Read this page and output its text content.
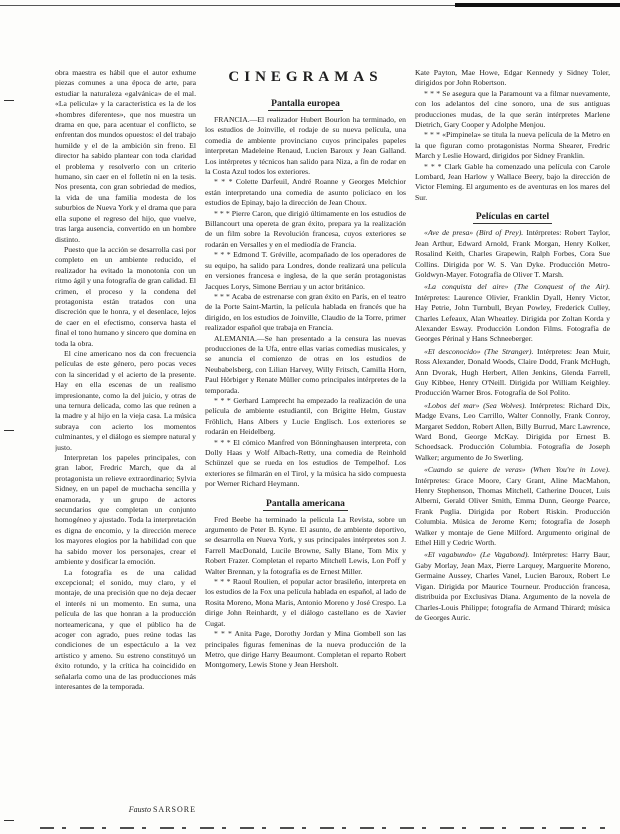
obra maestra es hábil que el autor exhume piezas comunes a una época de arte, para estudiar la naturaleza «galvánica» de el mal. «La película» y la característica es la de los «hombres diferentes», que nos muestra un drama en que, para acentuar el conflicto, se enfrentan dos mundos opuestos: el del trabajo humilde y el de la ambición sin freno. El director ha sabido plantear con toda claridad el problema y resolverlo con un criterio humano, sin caer en el folletín ni en la tesis. Nos presenta, con gran sobriedad de medios, la vida de una familia modesta de los suburbios de Nueva York y el drama que para ella supone el regreso del hijo, que vuelve, tras larga ausencia, convertido en un hombre distinto.

Puesto que la acción se desarrolla casi por completo en un ambiente reducido, el realizador ha evitado la monotonía con un ritmo ágil y una fotografía de gran calidad. El crimen, el proceso y la condena del protagonista están tratados con una discreción que le honra, y el desenlace, lejos de caer en el efectismo, conserva hasta el final el tono humano y sincero que domina en toda la obra.

El cine americano nos da con frecuencia películas de este género, pero pocas veces con la sinceridad y el acierto de la presente. Hay en ella escenas de un realismo impresionante, como la del juicio, y otras de una ternura delicada, como las que reúnen a la madre y al hijo en la vieja casa. La música subraya con acierto los momentos culminantes, y el diálogo es siempre natural y justo.

Interpretan los papeles principales, con gran labor, Fredric March, que da al protagonista un relieve extraordinario; Sylvia Sidney, en un papel de muchacha sencilla y enamorada, y un grupo de actores secundarios que completan un conjunto homogéneo y ajustado. Toda la interpretación es digna de encomio, y la dirección merece los mayores elogios por la habilidad con que ha sabido mover los personajes, crear el ambiente y dosificar la emoción.

La fotografía es de una calidad excepcional; el sonido, muy claro, y el montaje, de una precisión que no deja decaer el interés ni un momento. En suma, una película de las que honran a la producción norteamericana, y que el público ha de acoger con agrado, pues reúne todas las condiciones de un espectáculo a la vez artístico y ameno. Su estreno constituyó un éxito rotundo, y la crítica ha coincidido en señalarla como una de las producciones más interesantes de la temporada.

Fausto SARSORE
CINEGRAMAS
Pantalla europea

FRANCIA.—El realizador Hubert Bourlon ha terminado, en los estudios de Joinville, el rodaje de su nueva película, una comedia de ambiente provinciano cuyos principales papeles interpretan Madeleine Renaud, Lucien Baroux y Jean Galland. Los intérpretes y técnicos han salido para Niza, a fin de rodar en la Costa Azul todos los exteriores.

* * * Colette Darfeuil, André Roanne y Georges Melchior están interpretando una comedia de asunto policíaco en los estudios de Epinay, bajo la dirección de Jean Choux.

* * * Pierre Caron, que dirigió últimamente en los estudios de Billancourt una opereta de gran éxito, prepara ya la realización de un film sobre la Revolución francesa, cuyos exteriores se rodarán en Versalles y en el mediodía de Francia.

* * * Edmond T. Gréville, acompañado de los operadores de su equipo, ha salido para Londres, donde realizará una película en versiones francesa e inglesa, de la que serán protagonistas Jacques Lorys, Simone Berriau y un actor británico.

* * * Acaba de estrenarse con gran éxito en París, en el teatro de la Porte Saint-Martin, la película hablada en francés que ha dirigido, en los estudios de Joinville, Claudio de la Torre, primer realizador español que trabaja en Francia.

ALEMANIA.—Se han presentado a la censura las nuevas producciones de la Ufa, entre ellas varias comedias musicales, y se anuncia el comienzo de otras en los estudios de Neubabelsberg, con Lilian Harvey, Willy Fritsch, Camilla Horn, Paul Hörbiger y Renate Müller como principales intérpretes de la temporada.

* * * Gerhard Lamprecht ha empezado la realización de una película de ambiente estudiantil, con Brigitte Helm, Gustav Fröhlich, Hans Albers y Lucie Englisch. Los exteriores se rodarán en Heidelberg.

* * * El cómico Manfred von Bönninghausen interpreta, con Dolly Haas y Wolf Albach-Retty, una comedia de Reinhold Schünzel que se rueda en los estudios de Tempelhof. Los exteriores se filmarán en el Tirol, y la música ha sido compuesta por Werner Richard Heymann.

Pantalla americana

Fred Beebe ha terminado la película La Revista, sobre un argumento de Peter B. Kyne. El asunto, de ambiente deportivo, se desarrolla en Nueva York, y sus principales intérpretes son J. Farrell MacDonald, Lucile Browne, Sally Blane, Tom Mix y Robert Frazer. Completan el reparto Mitchell Lewis, Lon Poff y Walter Brennan, y la fotografía es de Ernest Miller.

* * * Raoul Roulien, el popular actor brasileño, interpreta en los estudios de la Fox una película hablada en español, al lado de Rosita Moreno, Mona Maris, Antonio Moreno y José Crespo. La dirige John Reinhardt, y el diálogo castellano es de Xavier Cugat.

* * * Anita Page, Dorothy Jordan y Mina Gombell son las principales figuras femeninas de la nueva producción de la Metro, que dirige Harry Beaumont. Completan el reparto Robert Montgomery, Lewis Stone y Jean Hersholt.

Kate Payton, Mae Howe, Edgar Kennedy y Sidney Toler, dirigidos por John Robertson.

* * * Se asegura que la Paramount va a filmar nuevamente, con los adelantos del cine sonoro, una de sus antiguas producciones mudas, de la que serán intérpretes Marlene Dietrich, Gary Cooper y Adolphe Menjou.

* * * «Pimpinela» se titula la nueva película de la Metro en la que figuran como protagonistas Norma Shearer, Fredric March y Leslie Howard, dirigidos por Sidney Franklin.

* * * Clark Gable ha comenzado una película con Carole Lombard, Jean Harlow y Wallace Beery, bajo la dirección de Victor Fleming. El argumento es de aventuras en los mares del Sur.

Películas en cartel

«Ave de presa» (Bird of Prey). Intérpretes: Robert Taylor, Jean Arthur, Edward Arnold, Frank Morgan, Henry Kolker, Rosalind Keith, Charles Grapewin, Ralph Forbes, Cora Sue Collins. Dirigida por W. S. Van Dyke. Producción Metro-Goldwyn-Mayer. Fotografía de Oliver T. Marsh.

«La conquista del aire» (The Conquest of the Air). Intérpretes: Laurence Olivier, Franklin Dyall, Henry Victor, Hay Petrie, John Turnbull, Bryan Powley, Frederick Culley, Charles Lefeaux, Alan Wheatley. Dirigida por Zoltan Korda y Alexander Esway. Producción London Films. Fotografía de Georges Périnal y Hans Schneeberger.

«El desconocido» (The Stranger). Intérpretes: Jean Muir, Ross Alexander, Donald Woods, Claire Dodd, Frank McHugh, Ann Dvorak, Hugh Herbert, Allen Jenkins, Glenda Farrell, Guy Kibbee, Henry O'Neill. Dirigida por William Keighley. Producción Warner Bros. Fotografía de Sol Polito.

«Lobos del mar» (Sea Wolves). Intérpretes: Richard Dix, Madge Evans, Leo Carrillo, Walter Connolly, Frank Conroy, Margaret Seddon, Robert Allen, Billy Burrud, Marc Lawrence, Ward Bond, George McKay. Dirigida por Ernest B. Schoedsack. Producción Columbia. Fotografía de Joseph Walker; argumento de Jo Swerling.

«Cuando se quiere de veras» (When You're in Love). Intérpretes: Grace Moore, Cary Grant, Aline MacMahon, Henry Stephenson, Thomas Mitchell, Catherine Doucet, Luis Alberni, Gerald Oliver Smith, Emma Dunn, George Pearce, Frank Puglia. Dirigida por Robert Riskin. Producción Columbia. Música de Jerome Kern; fotografía de Joseph Walker y montaje de Gene Milford. Argumento original de Ethel Hill y Cedric Worth.

«El vagabundo» (Le Vagabond). Intérpretes: Harry Baur, Gaby Morlay, Jean Max, Pierre Larquey, Marguerite Moreno, Germaine Aussey, Charles Vanel, Lucien Baroux, Robert Le Vigan. Dirigida por Maurice Tourneur. Producción francesa, distribuida por Exclusivas Diana. Argumento de la novela de Charles-Louis Philippe; fotografía de Armand Thirard; música de Georges Auric.
